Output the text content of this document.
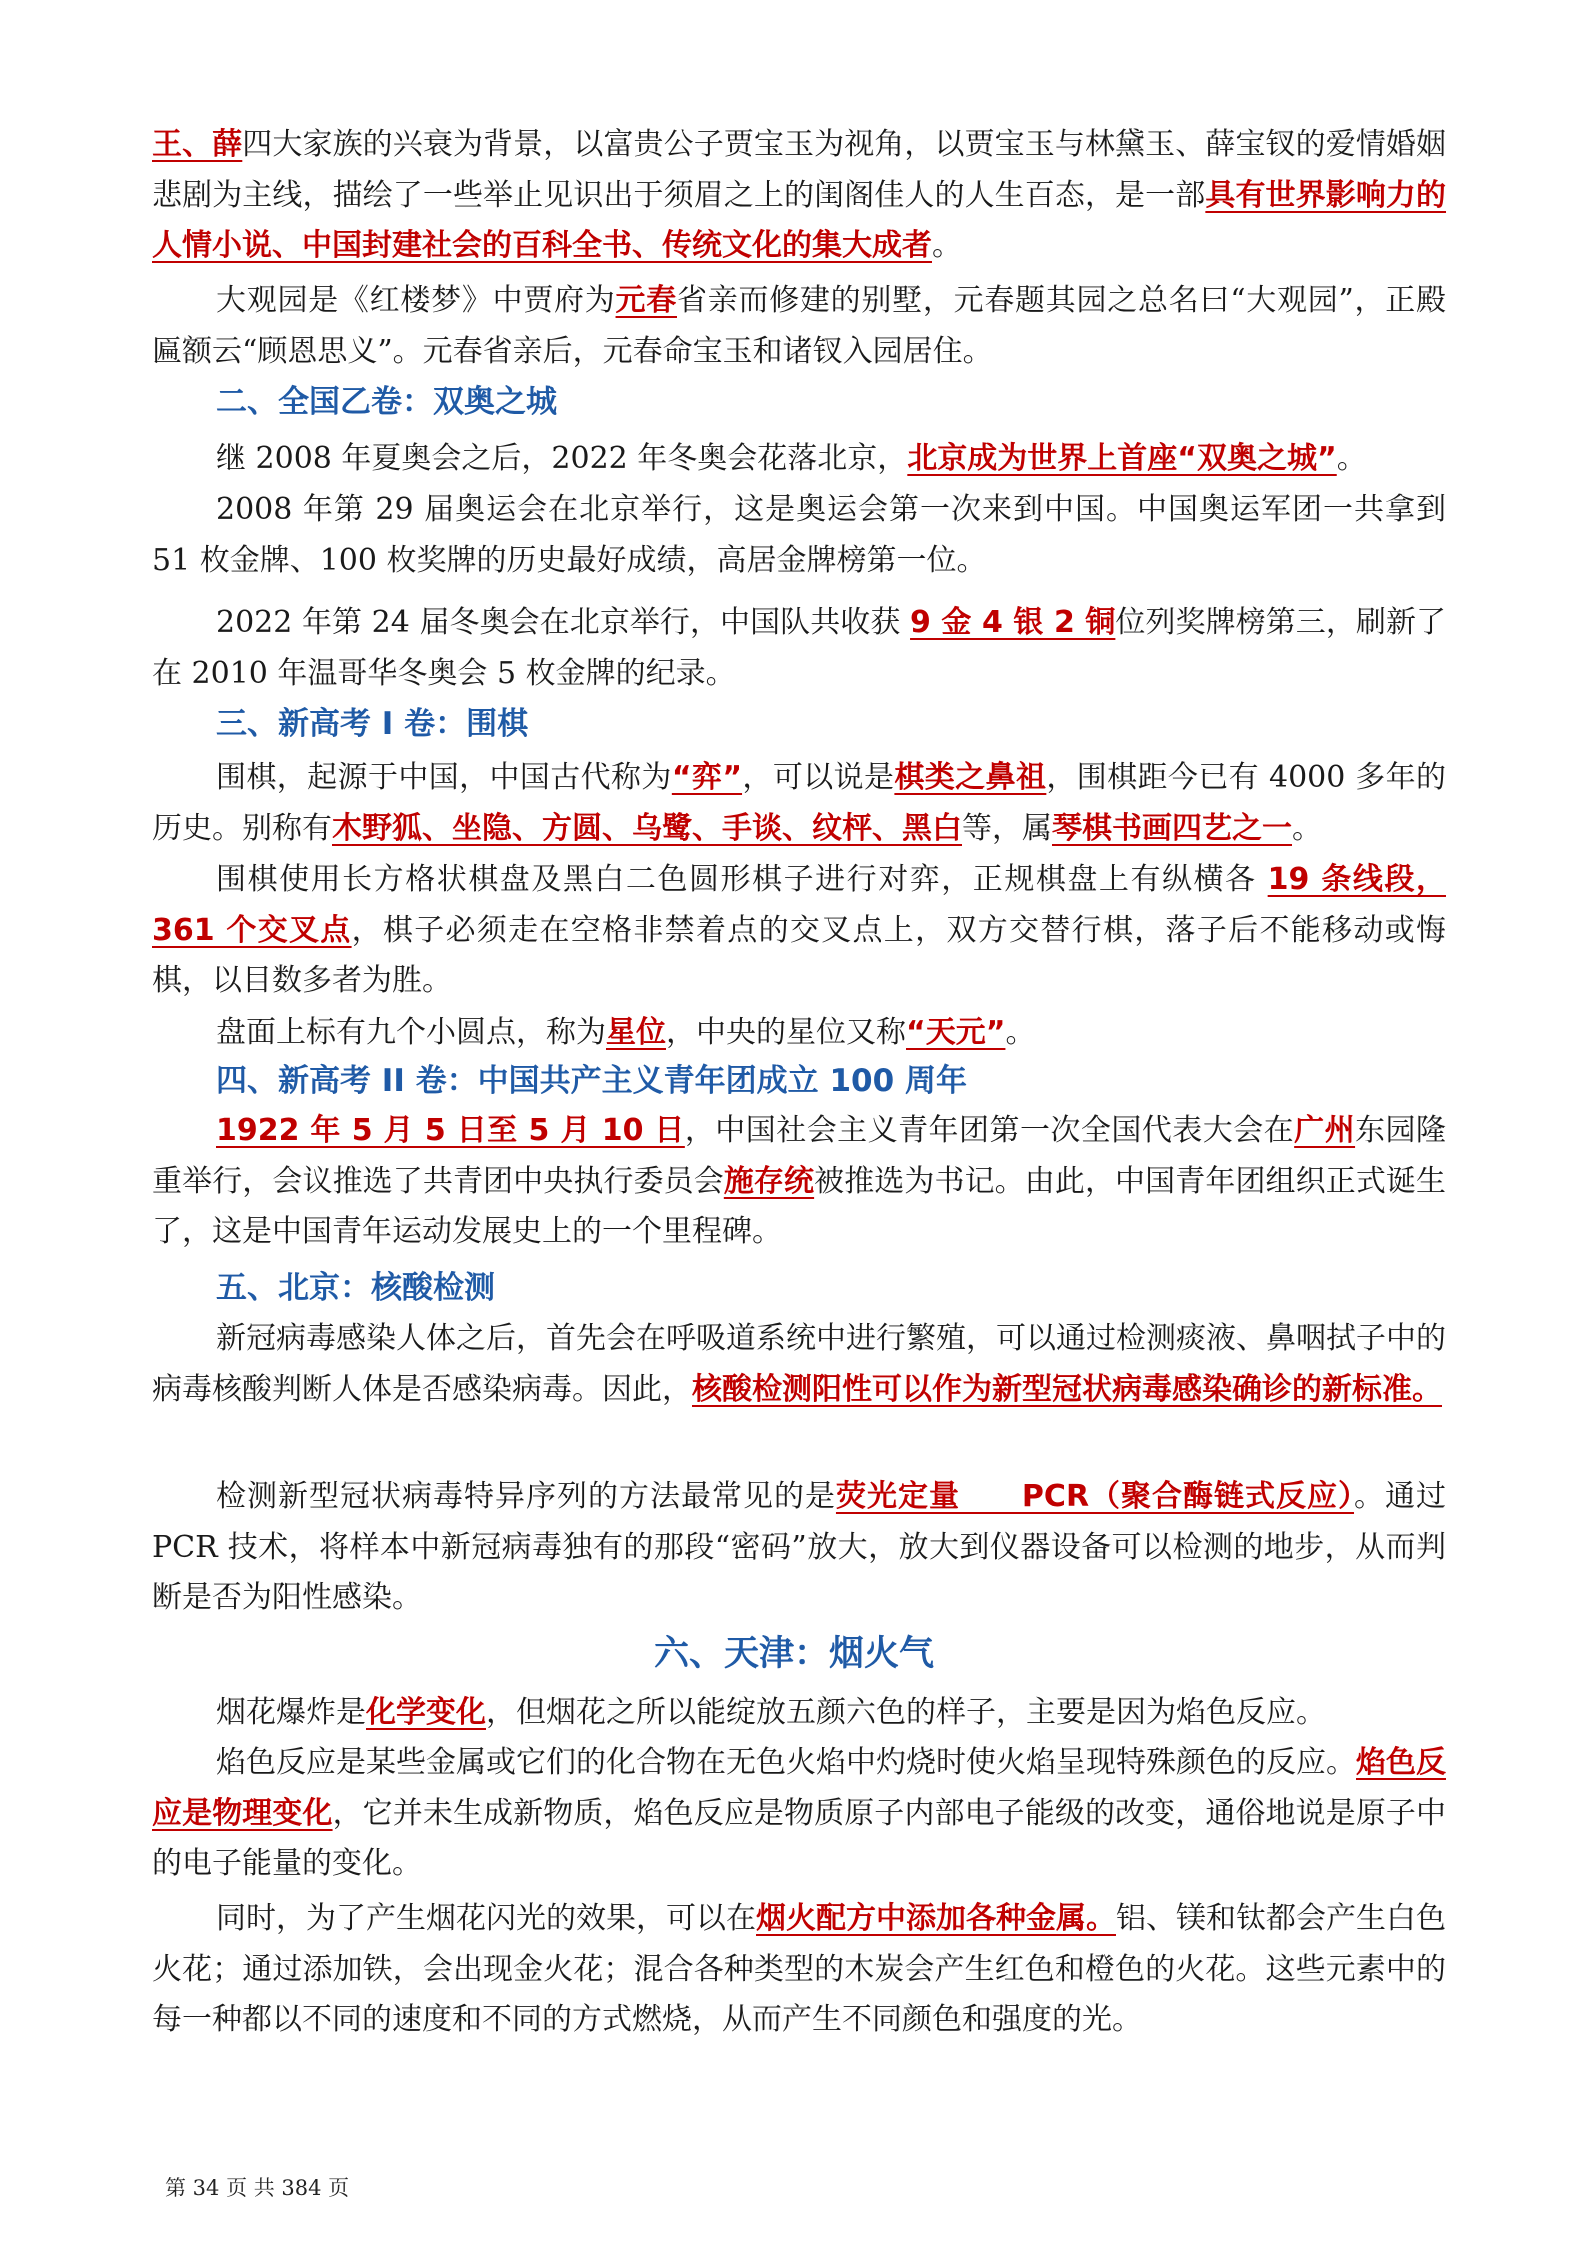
王、薛四大家族的兴衰为背景，以富贵公子贾宝玉为视角，以贾宝玉与林黛玉、薛宝钗的爱情婚姻悲剧为主线，描绘了一些举止见识出于须眉之上的闺阁佳人的人生百态，是一部具有世界影响力的人情小说、中国封建社会的百科全书、传统文化的集大成者。

大观园是《红楼梦》中贾府为元春省亲而修建的别墅，元春题其园之总名曰“大观园”，正殿匾额云“顾恩思义”。元春省亲后，元春命宝玉和诸钗入园居住。

二、全国乙卷：双奥之城

继 2008 年夏奥会之后，2022 年冬奥会花落北京，北京成为世界上首座“双奥之城”。

2008 年第 29 届奥运会在北京举行，这是奥运会第一次来到中国。中国奥运军团一共拿到 51 枚金牌、100 枚奖牌的历史最好成绩，高居金牌榜第一位。

2022 年第 24 届冬奥会在北京举行，中国队共收获 9 金 4 银 2 铜位列奖牌榜第三，刷新了在 2010 年温哥华冬奥会 5 枚金牌的纪录。

三、新高考 I 卷：围棋

围棋，起源于中国，中国古代称为“弈”，可以说是棋类之鼻祖，围棋距今已有 4000 多年的历史。别称有木野狐、坐隐、方圆、乌鹭、手谈、纹枰、黑白等，属琴棋书画四艺之一。

围棋使用长方格状棋盘及黑白二色圆形棋子进行对弈，正规棋盘上有纵横各 19 条线段，361 个交叉点，棋子必须走在空格非禁着点的交叉点上，双方交替行棋，落子后不能移动或悔棋，以目数多者为胜。

盘面上标有九个小圆点，称为星位，中央的星位又称“天元”。

四、新高考 II 卷：中国共产主义青年团成立 100 周年

1922 年 5 月 5 日至 5 月 10 日，中国社会主义青年团第一次全国代表大会在广州东园隆重举行，会议推选了共青团中央执行委员会施存统被推选为书记。由此，中国青年团组织正式诞生了，这是中国青年运动发展史上的一个里程碑。

五、北京：核酸检测

新冠病毒感染人体之后，首先会在呼吸道系统中进行繁殖，可以通过检测痰液、鼻咽拭子中的病毒核酸判断人体是否感染病毒。因此，核酸检测阳性可以作为新型冠状病毒感染确诊的新标准。

检测新型冠状病毒特异序列的方法最常见的是荧光定量　　PCR（聚合酶链式反应）。通过 PCR 技术，将样本中新冠病毒独有的那段“密码”放大，放大到仪器设备可以检测的地步，从而判断是否为阳性感染。

六、天津：烟火气

烟花爆炸是化学变化，但烟花之所以能绽放五颜六色的样子，主要是因为焰色反应。

焰色反应是某些金属或它们的化合物在无色火焰中灼烧时使火焰呈现特殊颜色的反应。焰色反应是物理变化，它并未生成新物质，焰色反应是物质原子内部电子能级的改变，通俗地说是原子中的电子能量的变化。

同时，为了产生烟花闪光的效果，可以在烟火配方中添加各种金属。铝、镁和钛都会产生白色火花；通过添加铁，会出现金火花；混合各种类型的木炭会产生红色和橙色的火花。这些元素中的每一种都以不同的速度和不同的方式燃烧，从而产生不同颜色和强度的光。

第 34 页 共 384 页
